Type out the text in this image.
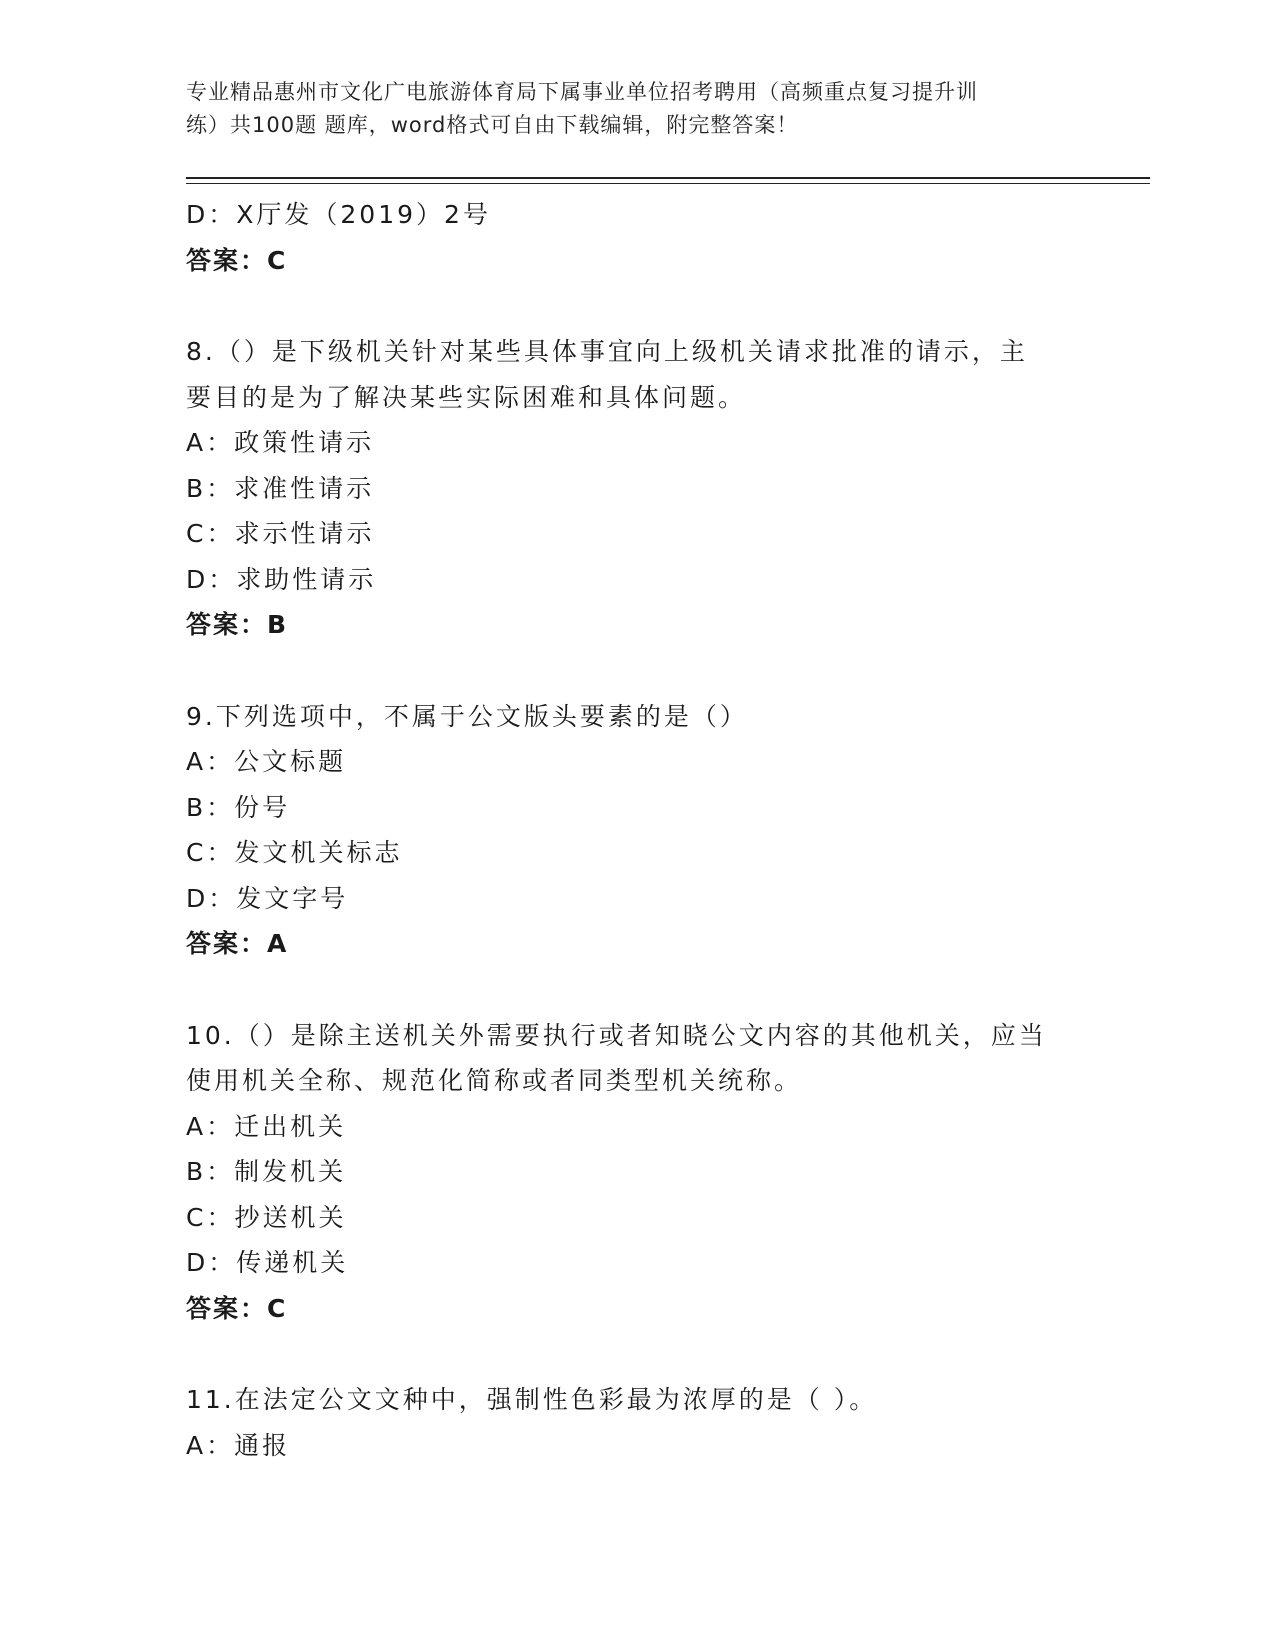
专业精品惠州市文化广电旅游体育局下属事业单位招考聘用（高频重点复习提升训
练）共100题 题库，word格式可自由下载编辑，附完整答案！
D：X厅发（2019）2号
答案：C
8.（）是下级机关针对某些具体事宜向上级机关请求批准的请示，主
要目的是为了解决某些实际困难和具体问题。
A：政策性请示
B：求准性请示
C：求示性请示
D：求助性请示
答案：B
9.下列选项中，不属于公文版头要素的是（）
A：公文标题
B：份号
C：发文机关标志
D：发文字号
答案：A
10.（）是除主送机关外需要执行或者知晓公文内容的其他机关，应当
使用机关全称、规范化简称或者同类型机关统称。
A：迁出机关
B：制发机关
C：抄送机关
D：传递机关
答案：C
11.在法定公文文种中，强制性色彩最为浓厚的是（ ）。
A：通报
